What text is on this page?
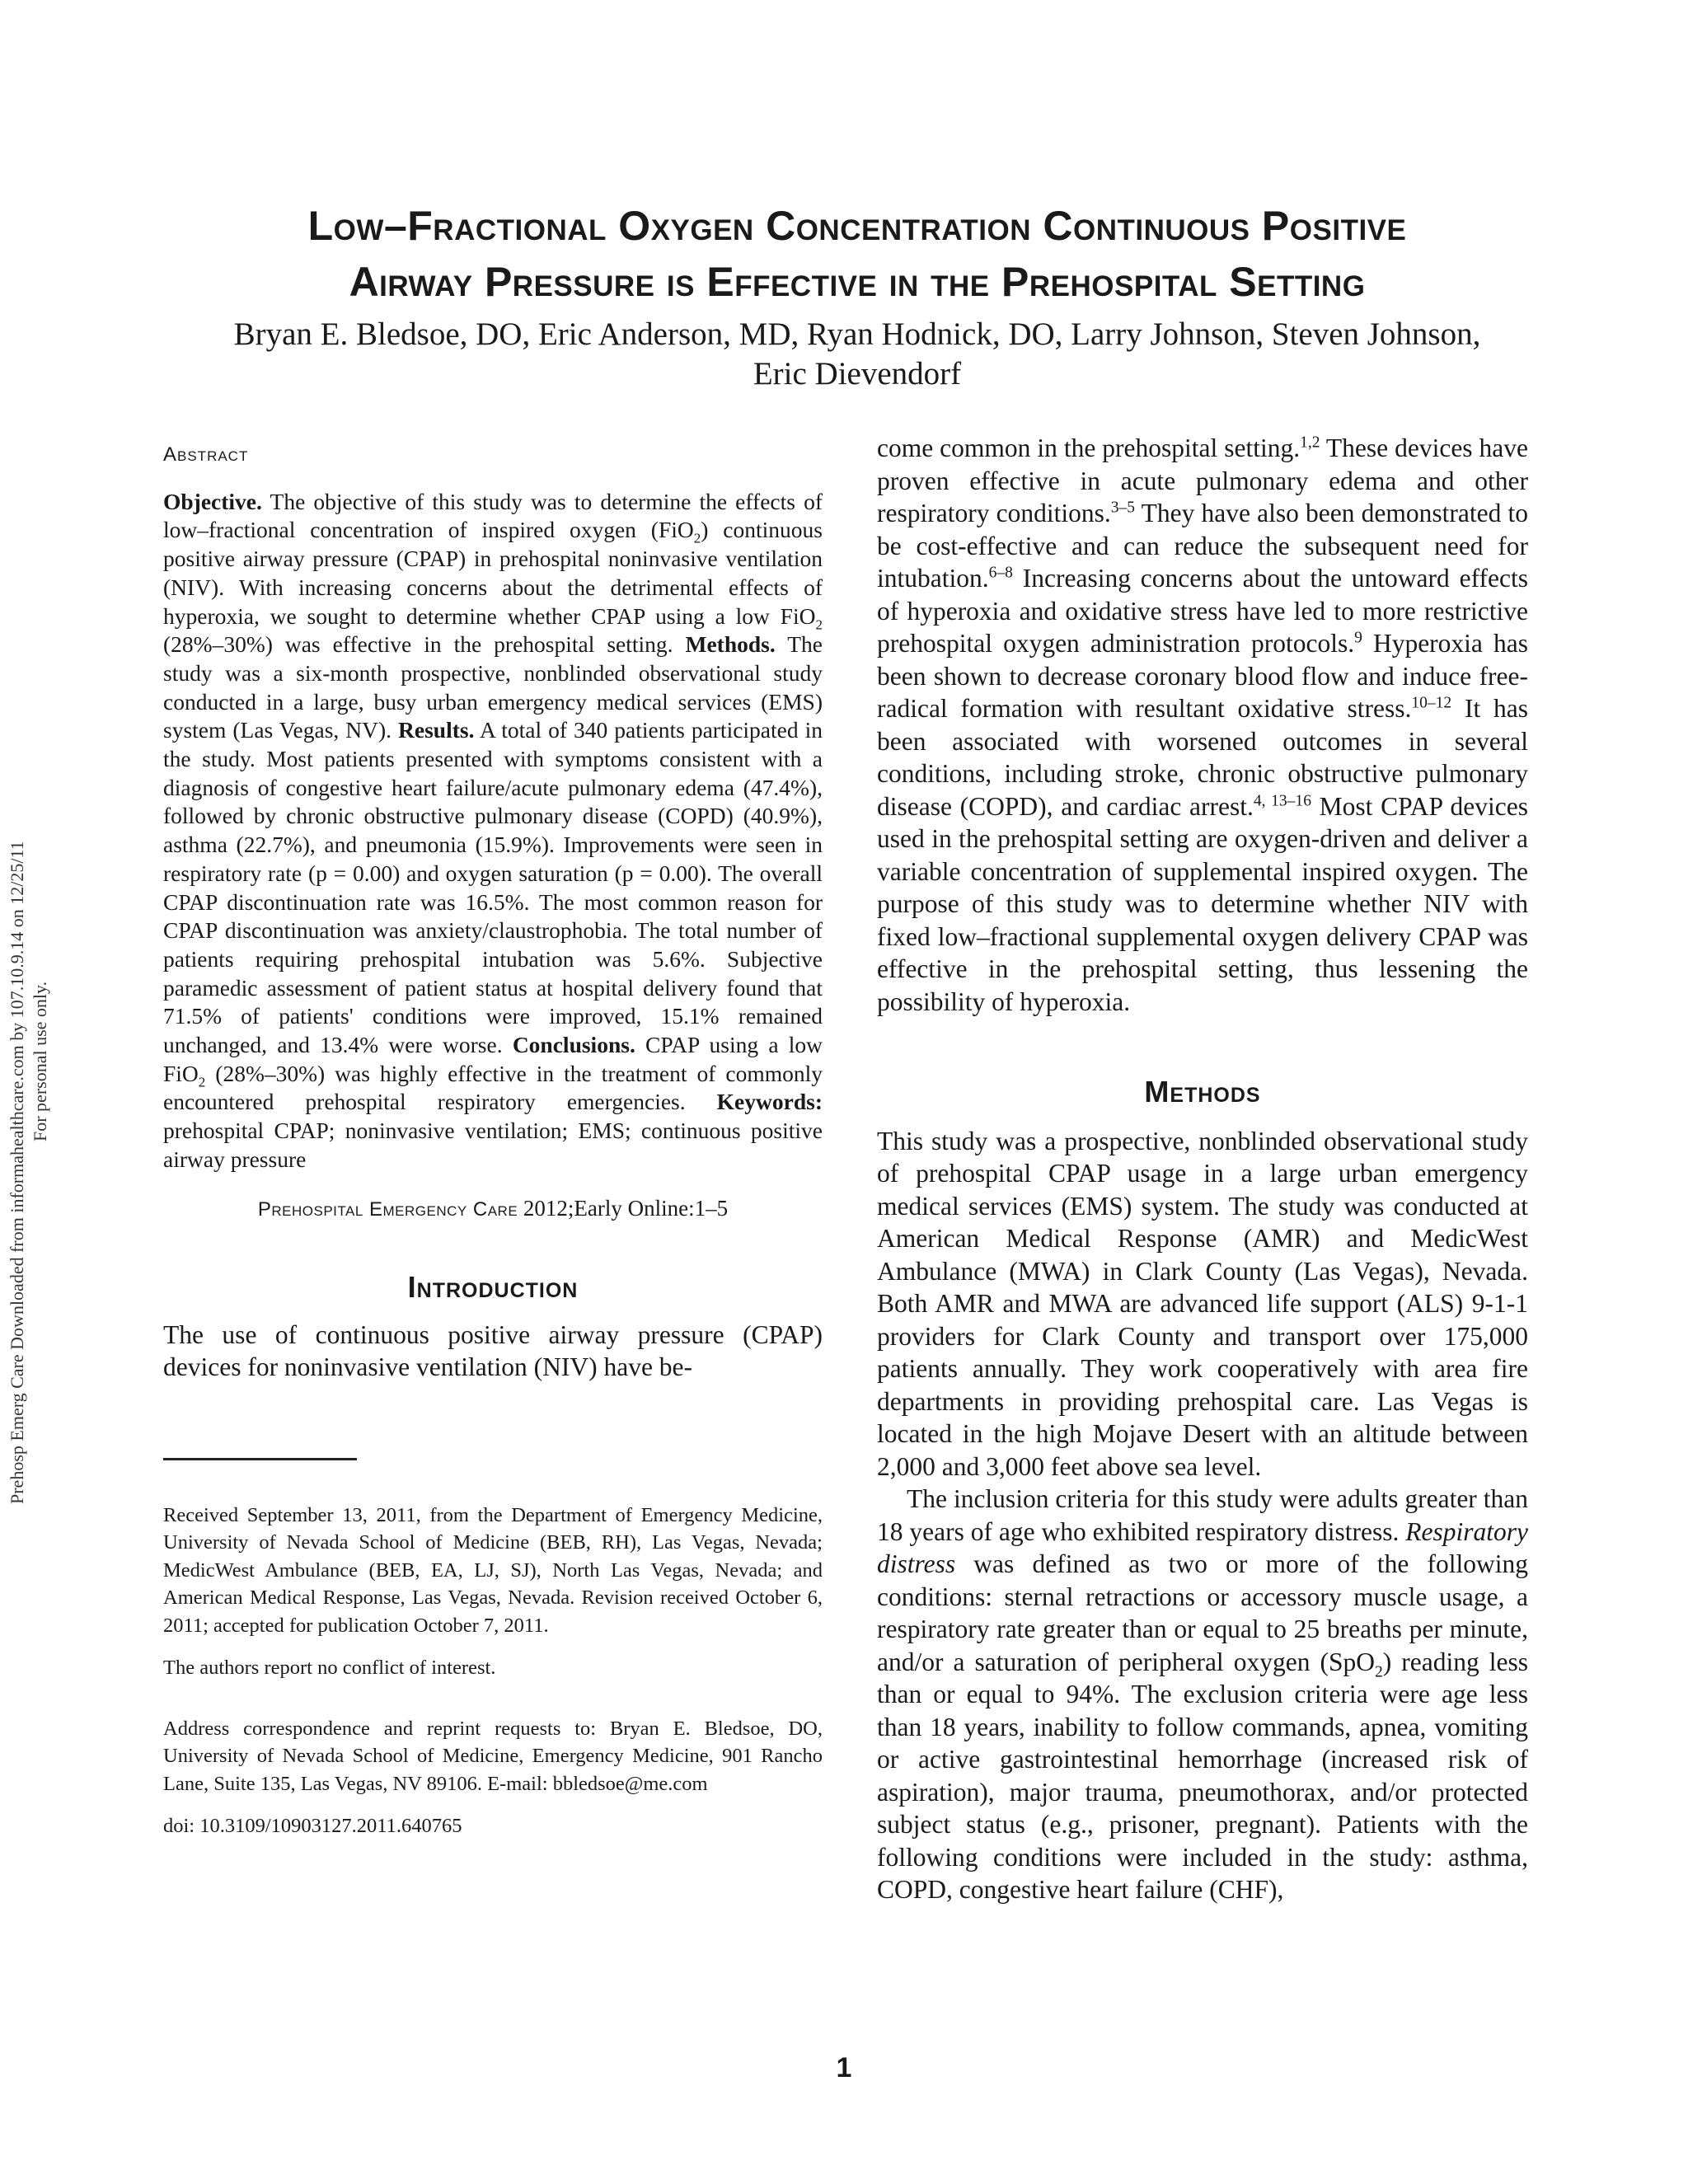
Prehosp Emerg Care Downloaded from informahealthcare.com by 107.10.9.14 on 12/25/11 For personal use only.
Low–Fractional Oxygen Concentration Continuous Positive
Airway Pressure is Effective in the Prehospital Setting
Bryan E. Bledsoe, DO, Eric Anderson, MD, Ryan Hodnick, DO, Larry Johnson, Steven Johnson,
Eric Dievendorf
Abstract

Objective. The objective of this study was to determine the effects of low–fractional concentration of inspired oxygen (FiO$_2$) continuous positive airway pressure (CPAP) in prehospital noninvasive ventilation (NIV). With increasing concerns about the detrimental effects of hyperoxia, we sought to determine whether CPAP using a low FiO$_2$ (28%–30%) was effective in the prehospital setting. Methods. The study was a six-month prospective, nonblinded observational study conducted in a large, busy urban emergency medical services (EMS) system (Las Vegas, NV). Results. A total of 340 patients participated in the study. Most patients presented with symptoms consistent with a diagnosis of congestive heart failure/acute pulmonary edema (47.4%), followed by chronic obstructive pulmonary disease (COPD) (40.9%), asthma (22.7%), and pneumonia (15.9%). Improvements were seen in respiratory rate (p = 0.00) and oxygen saturation (p = 0.00). The overall CPAP discontinuation rate was 16.5%. The most common reason for CPAP discontinuation was anxiety/claustrophobia. The total number of patients requiring prehospital intubation was 5.6%. Subjective paramedic assessment of patient status at hospital delivery found that 71.5% of patients' conditions were improved, 15.1% remained unchanged, and 13.4% were worse. Conclusions. CPAP using a low FiO$_2$ (28%–30%) was highly effective in the treatment of commonly encountered prehospital respiratory emergencies. Keywords: prehospital CPAP; noninvasive ventilation; EMS; continuous positive airway pressure

Prehospital Emergency Care 2012;Early Online:1–5
Introduction

The use of continuous positive airway pressure (CPAP) devices for noninvasive ventilation (NIV) have be-

Received September 13, 2011, from the Department of Emergency Medicine, University of Nevada School of Medicine (BEB, RH), Las Vegas, Nevada; MedicWest Ambulance (BEB, EA, LJ, SJ), North Las Vegas, Nevada; and American Medical Response, Las Vegas, Nevada. Revision received October 6, 2011; accepted for publication October 7, 2011.

The authors report no conflict of interest.

Address correspondence and reprint requests to: Bryan E. Bledsoe, DO, University of Nevada School of Medicine, Emergency Medicine, 901 Rancho Lane, Suite 135, Las Vegas, NV 89106. E-mail: bbledsoe@me.com

doi: 10.3109/10903127.2011.640765

come common in the prehospital setting.$^{1,2}$ These devices have proven effective in acute pulmonary edema and other respiratory conditions.$^{3-5}$ They have also been demonstrated to be cost-effective and can reduce the subsequent need for intubation.$^{6-8}$ Increasing concerns about the untoward effects of hyperoxia and oxidative stress have led to more restrictive prehospital oxygen administration protocols.$^9$ Hyperoxia has been shown to decrease coronary blood flow and induce free-radical formation with resultant oxidative stress.$^{10-12}$ It has been associated with worsened outcomes in several conditions, including stroke, chronic obstructive pulmonary disease (COPD), and cardiac arrest.$^{4, 13-16}$ Most CPAP devices used in the prehospital setting are oxygen-driven and deliver a variable concentration of supplemental inspired oxygen. The purpose of this study was to determine whether NIV with fixed low–fractional supplemental oxygen delivery CPAP was effective in the prehospital setting, thus lessening the possibility of hyperoxia.

Methods

This study was a prospective, nonblinded observational study of prehospital CPAP usage in a large urban emergency medical services (EMS) system. The study was conducted at American Medical Response (AMR) and MedicWest Ambulance (MWA) in Clark County (Las Vegas), Nevada. Both AMR and MWA are advanced life support (ALS) 9-1-1 providers for Clark County and transport over 175,000 patients annually. They work cooperatively with area fire departments in providing prehospital care. Las Vegas is located in the high Mojave Desert with an altitude between 2,000 and 3,000 feet above sea level.

The inclusion criteria for this study were adults greater than 18 years of age who exhibited respiratory distress. Respiratory distress was defined as two or more of the following conditions: sternal retractions or accessory muscle usage, a respiratory rate greater than or equal to 25 breaths per minute, and/or a saturation of peripheral oxygen (SpO$_2$) reading less than or equal to 94%. The exclusion criteria were age less than 18 years, inability to follow commands, apnea, vomiting or active gastrointestinal hemorrhage (increased risk of aspiration), major trauma, pneumothorax, and/or protected subject status (e.g., prisoner, pregnant). Patients with the following conditions were included in the study: asthma, COPD, congestive heart failure (CHF),

1
